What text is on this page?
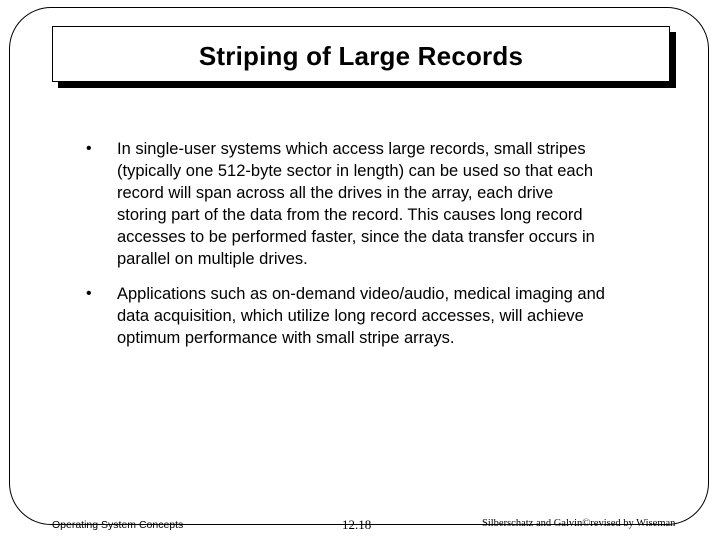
Striping of Large Records
• In single-user systems which access large records, small stripes (typically one 512-byte sector in length) can be used so that each record will span across all the drives in the array, each drive storing part of the data from the record. This causes long record accesses to be performed faster, since the data transfer occurs in parallel on multiple drives.
• Applications such as on-demand video/audio, medical imaging and data acquisition, which utilize long record accesses, will achieve optimum performance with small stripe arrays.
Operating System Concepts	12.18	Silberschatz and Galvin©revised by Wiseman
